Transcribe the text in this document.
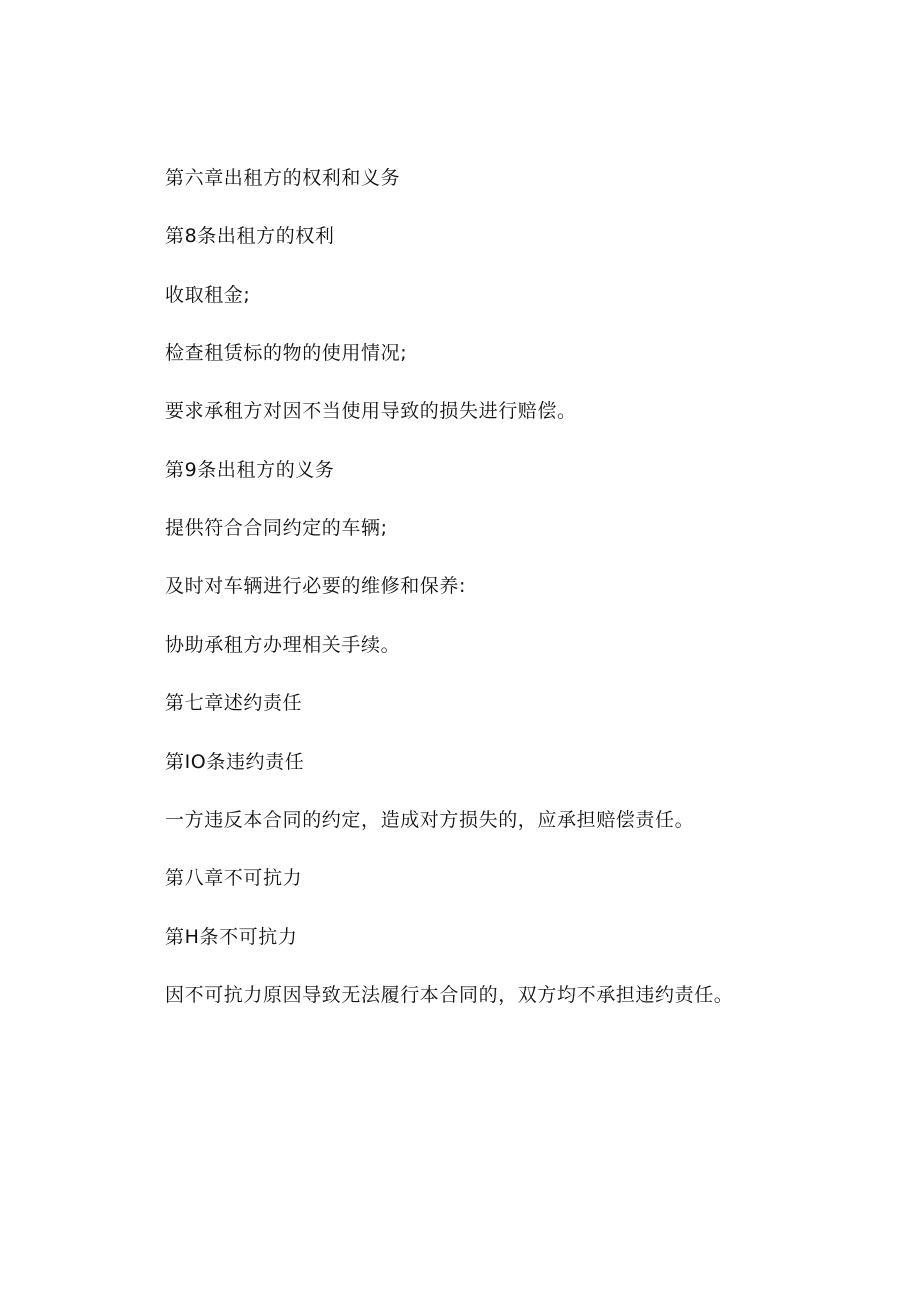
第六章出租方的权利和义务

第8条出租方的权利

收取租金;

检查租赁标的物的使用情况;

要求承租方对因不当使用导致的损失进行赔偿。

第9条出租方的义务

提供符合合同约定的车辆;

及时对车辆进行必要的维修和保养:

协助承租方办理相关手续。

第七章述约责任

第IO条违约责任

一方违反本合同的约定，造成对方损失的，应承担赔偿责任。

第八章不可抗力

第H条不可抗力

因不可抗力原因导致无法履行本合同的，双方均不承担违约责任。
